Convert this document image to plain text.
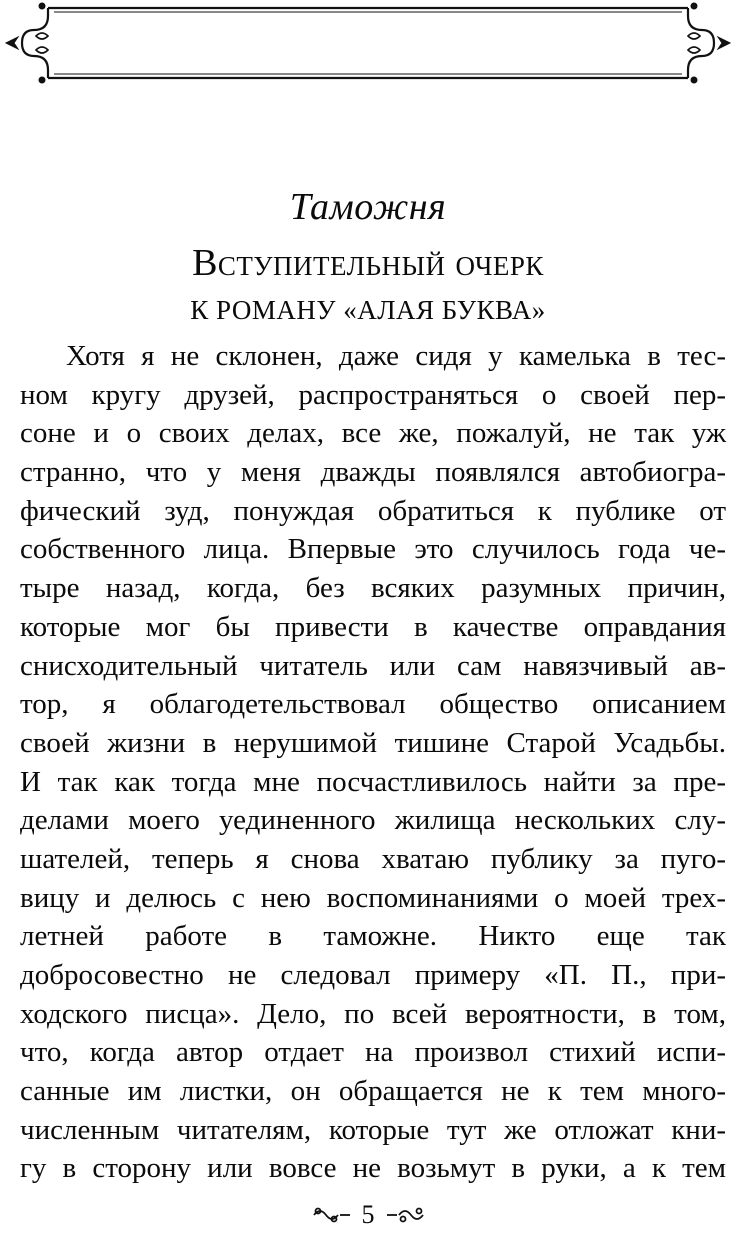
Таможня
Вступительный очерк
К РОМАНУ «АЛАЯ БУКВА»
Хотя я не склонен, даже сидя у камелька в тес-
ном кругу друзей, распространяться о своей пер-
соне и о своих делах, все же, пожалуй, не так уж
странно, что у меня дважды появлялся автобиогра-
фический зуд, понуждая обратиться к публике от
собственного лица. Впервые это случилось года че-
тыре назад, когда, без всяких разумных причин,
которые мог бы привести в качестве оправдания
снисходительный читатель или сам навязчивый ав-
тор, я облагодетельствовал общество описанием
своей жизни в нерушимой тишине Старой Усадьбы.
И так как тогда мне посчастливилось найти за пре-
делами моего уединенного жилища нескольких слу-
шателей, теперь я снова хватаю публику за пуго-
вицу и делюсь с нею воспоминаниями о моей трех-
летней работе в таможне. Никто еще так
добросовестно не следовал примеру «П. П., при-
ходского писца». Дело, по всей вероятности, в том,
что, когда автор отдает на произвол стихий испи-
санные им листки, он обращается не к тем много-
численным читателям, которые тут же отложат кни-
гу в сторону или вовсе не возьмут в руки, а к тем
5
